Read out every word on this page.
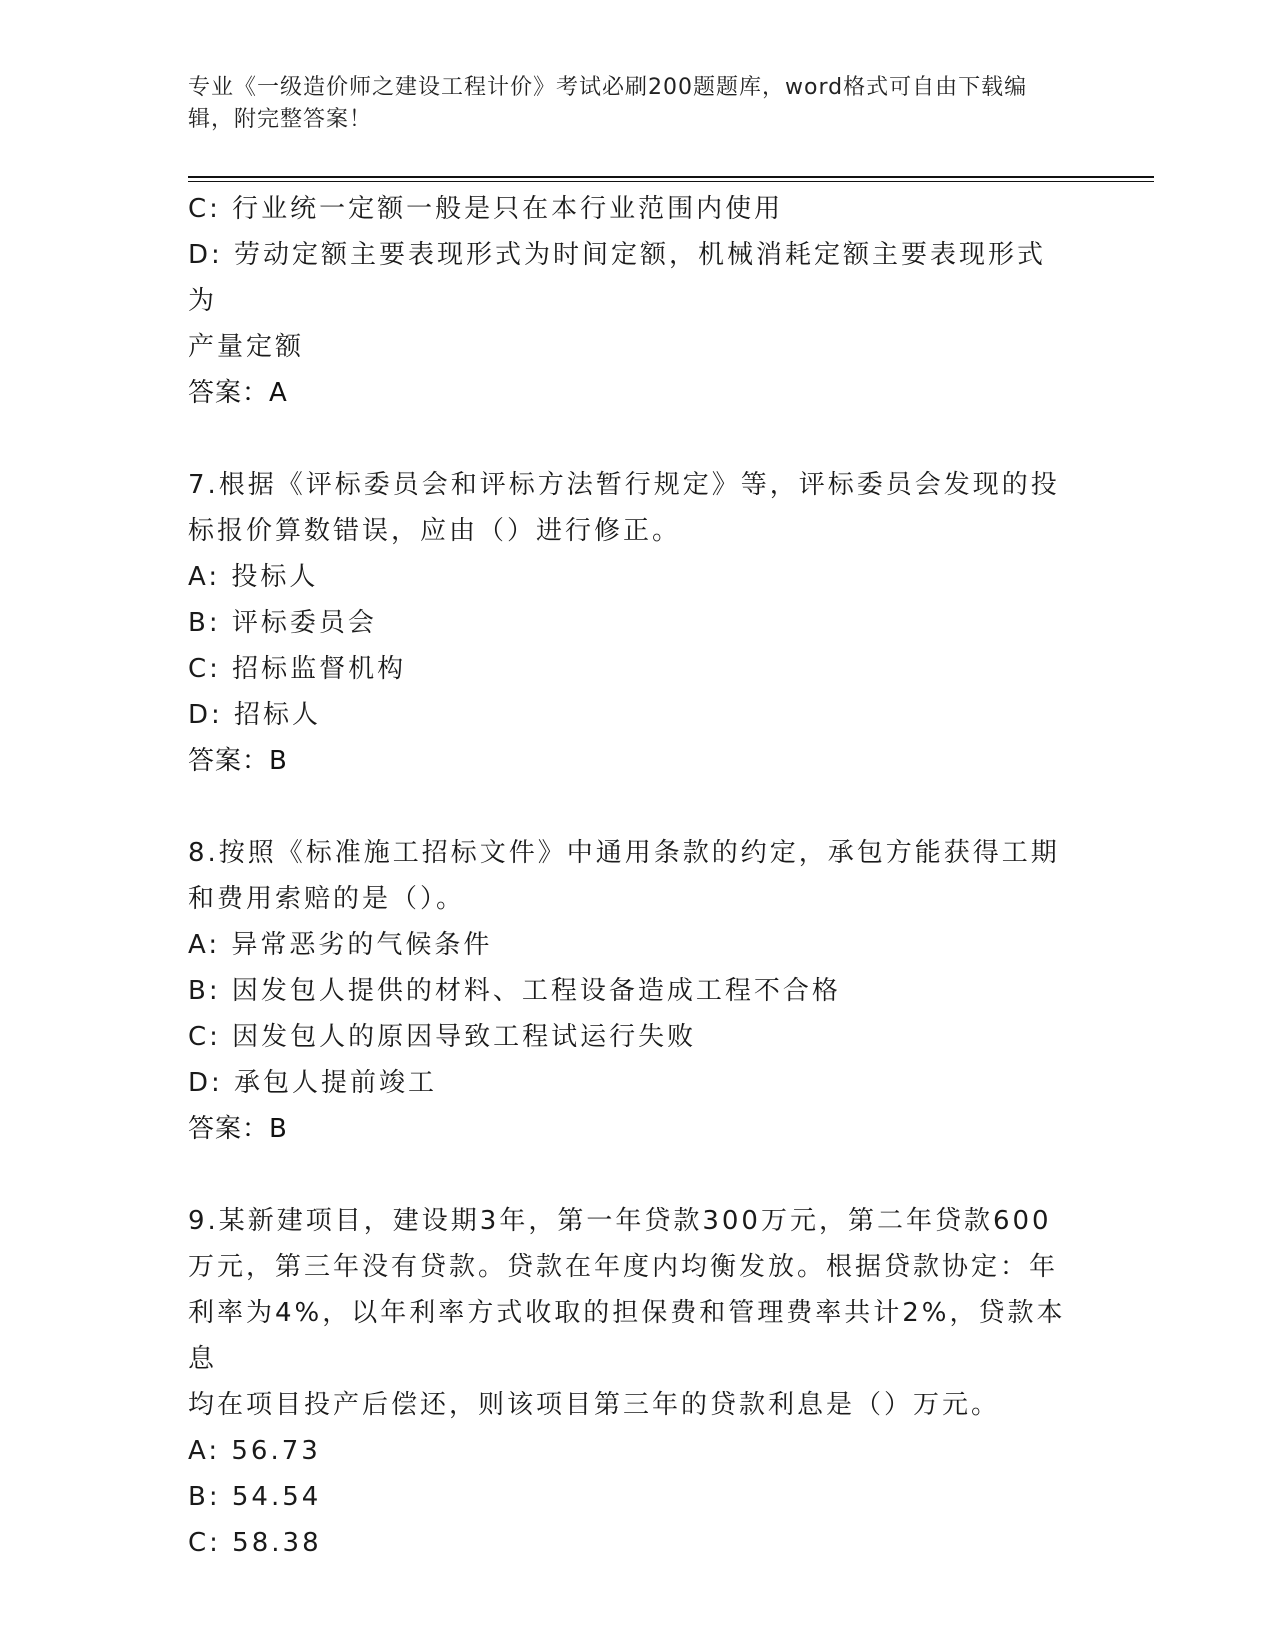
专业《一级造价师之建设工程计价》考试必刷200题题库，word格式可自由下载编辑，附完整答案！
C: 行业统一定额一般是只在本行业范围内使用
D: 劳动定额主要表现形式为时间定额，机械消耗定额主要表现形式为
产量定额
答案：A
7.根据《评标委员会和评标方法暂行规定》等，评标委员会发现的投
标报价算数错误，应由（）进行修正。
A: 投标人
B: 评标委员会
C: 招标监督机构
D: 招标人
答案：B
8.按照《标准施工招标文件》中通用条款的约定，承包方能获得工期
和费用索赔的是（）。
A: 异常恶劣的气候条件
B: 因发包人提供的材料、工程设备造成工程不合格
C: 因发包人的原因导致工程试运行失败
D: 承包人提前竣工
答案：B
9.某新建项目，建设期3年，第一年贷款300万元，第二年贷款600
万元，第三年没有贷款。贷款在年度内均衡发放。根据贷款协定：年
利率为4%，以年利率方式收取的担保费和管理费率共计2%，贷款本息
均在项目投产后偿还，则该项目第三年的贷款利息是（）万元。
A: 56.73
B: 54.54
C: 58.38
